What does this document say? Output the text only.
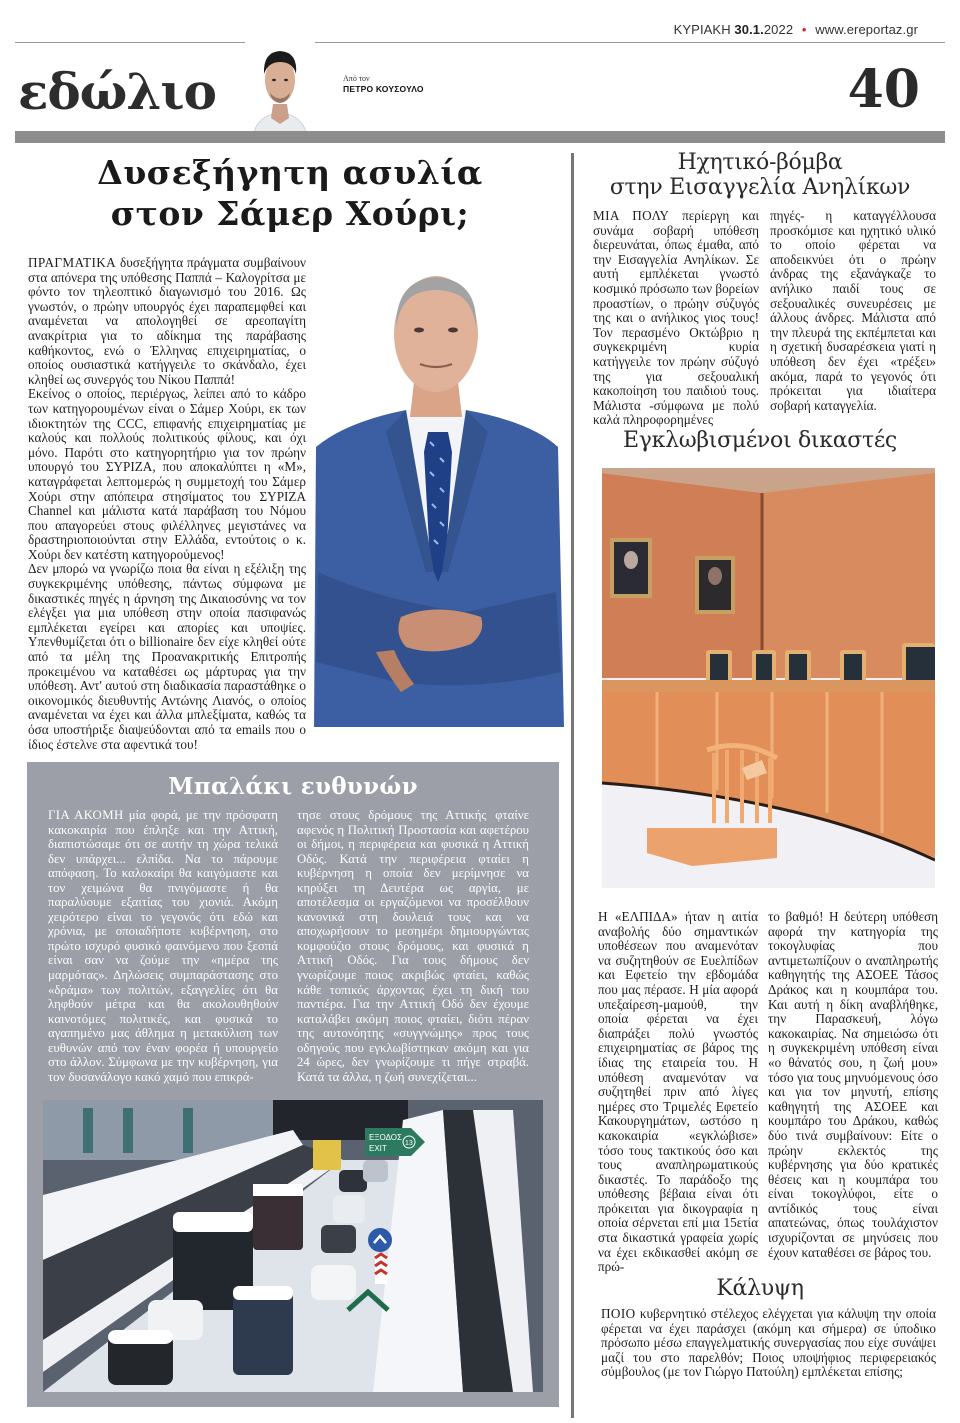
ΚΥΡΙΑΚΗ 30.1.2022 • www.ereportaz.gr
εδώλιο	Από τον
ΠΕΤΡΟ ΚΟΥΣΟΥΛΟ	40
Δυσεξήγητη ασυλία
στον Σάμερ Χούρι;

ΠΡΑΓΜΑΤΙΚΑ δυσεξήγητα πράγματα συμβαίνουν στα απόνερα της υπόθεσης Παππά – Καλογρίτσα με φόντο τον τηλεοπτικό διαγωνισμό του 2016. Ως γνωστόν, ο πρώην υπουργός έχει παραπεμφθεί και αναμένεται να απολογηθεί σε αρεοπαγίτη ανακρίτρια για το αδίκημα της παράβασης καθήκοντος, ενώ ο Έλληνας επιχειρηματίας, ο οποίος ουσιαστικά κατήγγειλε το σκάνδαλο, έχει κληθεί ως συνεργός του Νίκου Παππά!

Εκείνος ο οποίος, περιέργως, λείπει από το κάδρο των κατηγορουμένων είναι ο Σάμερ Χούρι, εκ των ιδιοκτητών της CCC, επιφανής επιχειρηματίας με καλούς και πολλούς πολιτικούς φίλους, και όχι μόνο. Παρότι στο κατηγορητήριο για τον πρώην υπουργό του ΣΥΡΙΖΑ, που αποκαλύπτει η «Μ», καταγράφεται λεπτομερώς η συμμετοχή του Σάμερ Χούρι στην απόπειρα στησίματος του ΣΥΡΙΖΑ Channel και μάλιστα κατά παράβαση του Νόμου που απαγορεύει στους φιλέλληνες μεγιστάνες να δραστηριοποιούνται στην Ελλάδα, εντούτοις ο κ. Χούρι δεν κατέστη κατηγορούμενος!

Δεν μπορώ να γνωρίζω ποια θα είναι η εξέλιξη της συγκεκριμένης υπόθεσης, πάντως σύμφωνα με δικαστικές πηγές η άρνηση της Δικαιοσύνης να τον ελέγξει για μια υπόθεση στην οποία πασιφανώς εμπλέκεται εγείρει και απορίες και υποψίες. Υπενθυμίζεται ότι ο billionaire δεν είχε κληθεί ούτε από τα μέλη της Προανακριτικής Επιτροπής προκειμένου να καταθέσει ως μάρτυρας για την υπόθεση. Αντ' αυτού στη διαδικασία παραστάθηκε ο οικονομικός διευθυντής Αντώνης Λιανός, ο οποίος αναμένεται να έχει και άλλα μπλεξίματα, καθώς τα όσα υποστήριξε διαψεύδονται από τα emails που ο ίδιος έστελνε στα αφεντικά του!

Ηχητικό-βόμβα
στην Εισαγγελία Ανηλίκων
ΜΙΑ ΠΟΛΥ περίεργη και συνάμα σοβαρή υπόθεση διερευνάται, όπως έμαθα, από την Εισαγγελία Ανηλίκων. Σε αυτή εμπλέκεται γνωστό κοσμικό πρόσωπο των βορείων προαστίων, ο πρώην σύζυγός της και ο ανήλικος γιος τους! Τον περασμένο Οκτώβριο η συγκεκριμένη κυρία κατήγγειλε τον πρώην σύζυγό της για σεξουαλική κακοποίηση του παιδιού τους. Μάλιστα -σύμφωνα με πολύ καλά πληροφορημένες
πηγές- η καταγγέλλουσα προσκόμισε και ηχητικό υλικό το οποίο φέρεται να αποδεικνύει ότι ο πρώην άνδρας της εξανάγκαζε το ανήλικο παιδί τους σε σεξουαλικές συνευρέσεις με άλλους άνδρες. Μάλιστα από την πλευρά της εκπέμπεται και η σχετική δυσαρέσκεια γιατί η υπόθεση δεν έχει «τρέξει» ακόμα, παρά το γεγονός ότι πρόκειται για ιδιαίτερα σοβαρή καταγγελία.
Εγκλωβισμένοι δικαστές
Η «ΕΛΠΙΔΑ» ήταν η αιτία αναβολής δύο σημαντικών υποθέσεων που αναμενόταν να συζητηθούν σε Ευελπίδων και Εφετείο την εβδομάδα που μας πέρασε. Η μία αφορά υπεξαίρεση-μαμούθ, την οποία φέρεται να έχει διαπράξει πολύ γνωστός επιχειρηματίας σε βάρος της ίδιας της εταιρεία του. Η υπόθεση αναμενόταν να συζητηθεί πριν από λίγες ημέρες στο Τριμελές Εφετείο Κακουργημάτων, ωστόσο η κακοκαιρία «εγκλώβισε» τόσο τους τακτικούς όσο και τους αναπληρωματικούς δικαστές. Το παράδοξο της υπόθεσης βέβαια είναι ότι πρόκειται για δικογραφία η οποία σέρνεται επί μια 15ετία στα δικαστικά γραφεία χωρίς να έχει εκδικασθεί ακόμη σε πρώ-
το βαθμό! Η δεύτερη υπόθεση αφορά την κατηγορία της τοκογλυφίας που αντιμετωπίζουν ο αναπληρωτής καθηγητής της ΑΣΟΕΕ Τάσος Δράκος και η κουμπάρα του. Και αυτή η δίκη αναβλήθηκε, την Παρασκευή, λόγω κακοκαιρίας. Να σημειώσω ότι η συγκεκριμένη υπόθεση είναι «ο θάνατός σου, η ζωή μου» τόσο για τους μηνυόμενους όσο και για τον μηνυτή, επίσης καθηγητή της ΑΣΟΕΕ και κουμπάρο του Δράκου, καθώς δύο τινά συμβαίνουν: Είτε ο πρώην εκλεκτός της κυβέρνησης για δύο κρατικές θέσεις και η κουμπάρα του είναι τοκογλύφοι, είτε ο αντίδικός τους είναι απατεώνας, όπως τουλάχιστον ισχυρίζονται σε μηνύσεις που έχουν καταθέσει σε βάρος του.
Κάλυψη
ΠΟΙΟ κυβερνητικό στέλεχος ελέγχεται για κάλυψη την οποία φέρεται να έχει παράσχει (ακόμη και σήμερα) σε ύποδικο πρόσωπο μέσω επαγγελματικής συνεργασίας που είχε συνάψει μαζί του στο παρελθόν; Ποιος υποψήφιος περιφερειακός σύμβουλος (με τον Γιώργο Πατούλη) εμπλέκεται επίσης;
Μπαλάκι ευθυνών
ΓΙΑ ΑΚΟΜΗ μία φορά, με την πρόσφατη κακοκαιρία που έπληξε και την Αττική, διαπιστώσαμε ότι σε αυτήν τη χώρα τελικά δεν υπάρχει... ελπίδα. Να το πάρουμε απόφαση. Το καλοκαίρι θα καιγόμαστε και τον χειμώνα θα πνιγόμαστε ή θα παραλύουμε εξαιτίας του χιονιά. Ακόμη χειρότερο είναι το γεγονός ότι εδώ και χρόνια, με οποιαδήποτε κυβέρνηση, στο πρώτο ισχυρό φυσικό φαινόμενο που ξεσπά είναι σαν να ζούμε την «ημέρα της μαρμότας». Δηλώσεις συμπαράστασης στο «δράμα» των πολιτών, εξαγγελίες ότι θα ληφθούν μέτρα και θα ακολουθηθούν καινοτόμες πολιτικές, και φυσικά το αγαπημένο μας άθλημα η μετακύλιση των ευθυνών από τον έναν φορέα ή υπουργείο στο άλλον. Σύμφωνα με την κυβέρνηση, για τον δυσανάλογο κακό χαμό που επικρά-
τησε στους δρόμους της Αττικής φταίνε αφενός η Πολιτική Προστασία και αφετέρου οι δήμοι, η περιφέρεια και φυσικά η Αττική Οδός. Κατά την περιφέρεια φταίει η κυβέρνηση η οποία δεν μερίμνησε να κηρύξει τη Δευτέρα ως αργία, με αποτέλεσμα οι εργαζόμενοι να προσέλθουν κανονικά στη δουλειά τους και να αποχωρήσουν το μεσημέρι δημιουργώντας κομφούζιο στους δρόμους, και φυσικά η Αττική Οδός. Για τους δήμους δεν γνωρίζουμε ποιος ακριβώς φταίει, καθώς κάθε τοπικός άρχοντας έχει τη δική του παντιέρα. Για την Αττική Οδό δεν έχουμε καταλάβει ακόμη ποιος φταίει, διότι πέραν της αυτονόητης «συγγνώμης» προς τους οδηγούς που εγκλωβίστηκαν ακόμη και για 24 ώρες, δεν γνωρίζουμε τι πήγε στραβά. Κατά τα άλλα, η ζωή συνεχίζεται...
ΕΞΟΔΟΣ
EXIT
13
